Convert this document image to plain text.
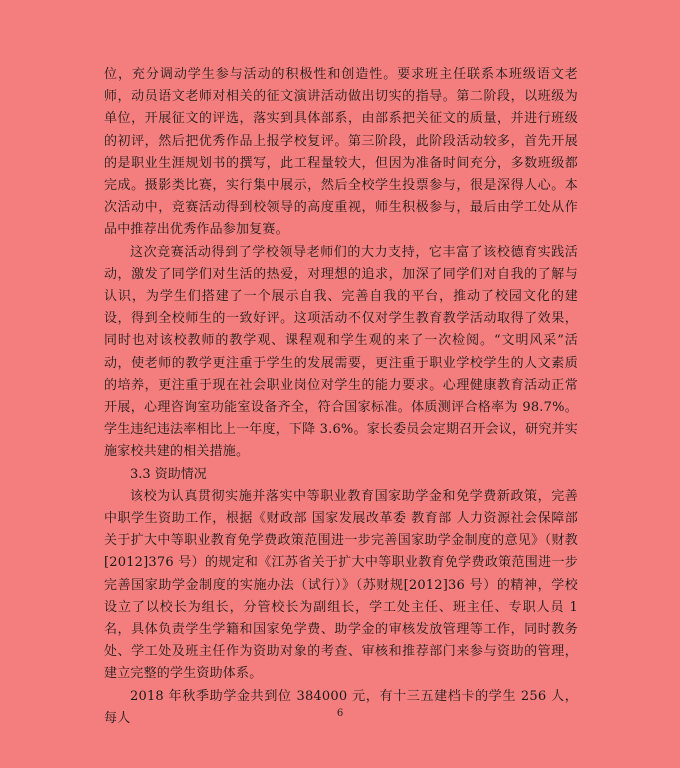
位，充分调动学生参与活动的积极性和创造性。要求班主任联系本班级语文老师，动员语文老师对相关的征文演讲活动做出切实的指导。第二阶段，以班级为单位，开展征文的评选，落实到具体部系，由部系把关征文的质量，并进行班级的初评，然后把优秀作品上报学校复评。第三阶段，此阶段活动较多，首先开展的是职业生涯规划书的撰写，此工程量较大，但因为准备时间充分，多数班级都完成。摄影类比赛，实行集中展示，然后全校学生投票参与，很是深得人心。本次活动中，竞赛活动得到校领导的高度重视，师生积极参与，最后由学工处从作品中推荐出优秀作品参加复赛。

这次竞赛活动得到了学校领导老师们的大力支持，它丰富了该校德育实践活动，激发了同学们对生活的热爱，对理想的追求，加深了同学们对自我的了解与认识，为学生们搭建了一个展示自我、完善自我的平台，推动了校园文化的建设，得到全校师生的一致好评。这项活动不仅对学生教育教学活动取得了效果，同时也对该校教师的教学观、课程观和学生观的来了一次检阅。“文明风采”活动，使老师的教学更注重于学生的发展需要，更注重于职业学校学生的人文素质的培养，更注重于现在社会职业岗位对学生的能力要求。心理健康教育活动正常开展，心理咨询室功能室设备齐全，符合国家标准。体质测评合格率为 98.7%。学生违纪违法率相比上一年度，下降 3.6%。家长委员会定期召开会议，研究并实施家校共建的相关措施。

3.3 资助情况

该校为认真贯彻实施并落实中等职业教育国家助学金和免学费新政策，完善中职学生资助工作，根据《财政部 国家发展改革委 教育部 人力资源社会保障部关于扩大中等职业教育免学费政策范围进一步完善国家助学金制度的意见》（财教[2012]376 号）的规定和《江苏省关于扩大中等职业教育免学费政策范围进一步完善国家助学金制度的实施办法（试行）》（苏财规[2012]36 号）的精神，学校设立了以校长为组长，分管校长为副组长，学工处主任、班主任、专职人员 1 名，具体负责学生学籍和国家免学费、助学金的审核发放管理等工作，同时教务处、学工处及班主任作为资助对象的考查、审核和推荐部门来参与资助的管理，建立完整的学生资助体系。

2018 年秋季助学金共到位 384000 元，有十三五建档卡的学生 256 人，每人	6
